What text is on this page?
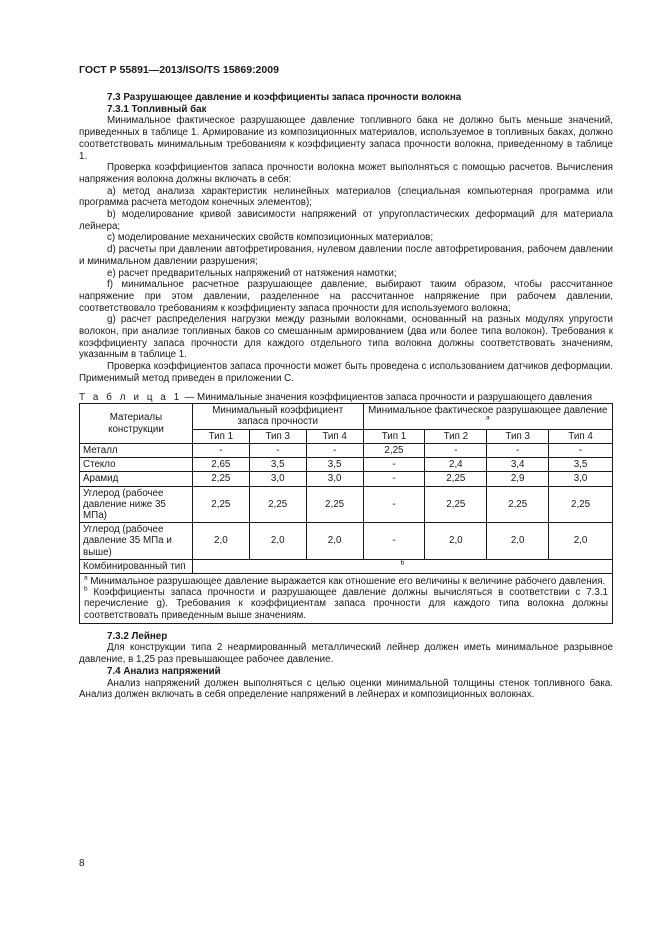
ГОСТ Р 55891—2013/ISO/TS 15869:2009
7.3 Разрушающее давление и коэффициенты запаса прочности волокна
7.3.1 Топливный бак

Минимальное фактическое разрушающее давление топливного бака не должно быть меньше значений, приведенных в таблице 1. Армирование из композиционных материалов, используемое в топливных баках, должно соответствовать минимальным требованиям к коэффициенту запаса прочности волокна, приведенному в таблице 1.

Проверка коэффициентов запаса прочности волокна может выполняться с помощью расчетов. Вычисления напряжения волокна должны включать в себя:

a) метод анализа характеристик нелинейных материалов (специальная компьютерная программа или программа расчета методом конечных элементов);

b) моделирование кривой зависимости напряжений от упругопластических деформаций для материала лейнера;

c) моделирование механических свойств композиционных материалов;

d) расчеты при давлении автофретирования, нулевом давлении после автофретирования, рабочем давлении и минимальном давлении разрушения;

e) расчет предварительных напряжений от натяжения намотки;

f) минимальное расчетное разрушающее давление, выбирают таким образом, чтобы рассчитанное напряжение при этом давлении, разделенное на рассчитанное напряжение при рабочем давлении, соответствовало требованиям к коэффициенту запаса прочности для используемого волокна;

g) расчет распределения нагрузки между разными волокнами, основанный на разных модулях упругости волокон, при анализе топливных баков со смешанным армированием (два или более типа волокон). Требования к коэффициенту запаса прочности для каждого отдельного типа волокна должны соответствовать значениям, указанным в таблице 1.

Проверка коэффициентов запаса прочности может быть проведена с использованием датчиков деформации. Применимый метод приведен в приложении С.

Т а б л и ц а 1 — Минимальные значения коэффициентов запаса прочности и разрушающего давления
Материалы конструкции	Минимальный коэффициент запаса прочности			Минимальное фактическое разрушающее давление $^a$
	Тип 1	Тип 3	Тип 4	Тип 1	Тип 2	Тип 3	Тип 4
Металл	-	-	-	2,25	-	-	-
Стекло	2,65	3,5	3,5	-	2,4	3,4	3,5
Арамид	2,25	3,0	3,0	-	2,25	2,9	3,0
Углерод (рабочее давление ниже 35 МПа)	2,25	2,25	2,25	-	2,25	2,25	2,25
Углерод (рабочее давление 35 МПа и выше)	2,0	2,0	2,0	-	2,0	2,0	2,0
Комбинированный тип	$^b$

$^a$ Минимальное разрушающее давление выражается как отношение его величины к величине рабочего давления.
$^b$ Коэффициенты запаса прочности и разрушающее давление должны вычисляться в соответствии с 7.3.1 перечисление g). Требования к коэффициентам запаса прочности для каждого типа волокна должны соответствовать приведенным выше значениям.							
7.3.2 Лейнер

Для конструкции типа 2 неармированный металлический лейнер должен иметь минимальное разрывное давление, в 1,25 раз превышающее рабочее давление.

7.4 Анализ напряжений

Анализ напряжений должен выполняться с целью оценки минимальной толщины стенок топливного бака. Анализ должен включать в себя определение напряжений в лейнерах и композиционных волокнах.

8
